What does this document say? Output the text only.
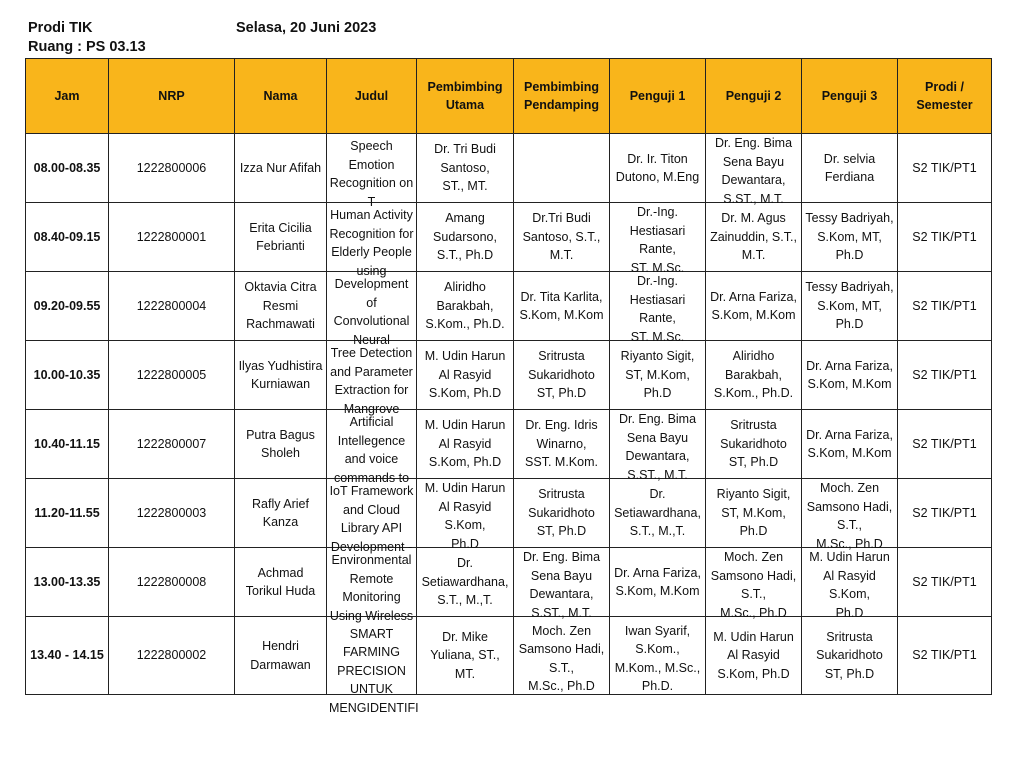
Prodi TIK
Ruang : PS 03.13
Selasa, 20 Juni 2023
Jam	NRP	Nama	Judul	Pembimbing Utama	Pembimbing Pendamping	Penguji 1	Penguji 2	Penguji 3	Prodi / Semester
08.00-08.35	1222800006	Izza Nur Afifah	Speech
Emotion
Recognition on
T	Dr. Tri Budi
Santoso,
ST., MT.		Dr. Ir. Titon
Dutono, M.Eng	Dr. Eng. Bima
Sena Bayu
Dewantara,
S.ST., M.T.	Dr. selvia
Ferdiana	S2 TIK/PT1
08.40-09.15	1222800001	Erita Cicilia
Febrianti	Human Activity
Recognition for
Elderly People
using	Amang
Sudarsono,
S.T., Ph.D	Dr.Tri Budi
Santoso, S.T.,
M.T.	Dr.-Ing.
Hestiasari
Rante,
ST. M.Sc.	Dr. M. Agus
Zainuddin, S.T.,
M.T.	Tessy Badriyah,
S.Kom, MT,
Ph.D	S2 TIK/PT1
09.20-09.55	1222800004	Oktavia Citra
Resmi
Rachmawati	Development
of
Convolutional
Neural	Aliridho
Barakbah,
S.Kom., Ph.D.	Dr. Tita Karlita,
S.Kom, M.Kom	Dr.-Ing.
Hestiasari
Rante,
ST. M.Sc.	Dr. Arna Fariza,
S.Kom, M.Kom	Tessy Badriyah,
S.Kom, MT,
Ph.D	S2 TIK/PT1
10.00-10.35	1222800005	Ilyas Yudhistira
Kurniawan	Tree Detection
and Parameter
Extraction for
Mangrove	M. Udin Harun
Al Rasyid
S.Kom, Ph.D	Sritrusta
Sukaridhoto
ST, Ph.D	Riyanto Sigit,
ST, M.Kom,
Ph.D	Aliridho
Barakbah,
S.Kom., Ph.D.	Dr. Arna Fariza,
S.Kom, M.Kom	S2 TIK/PT1
10.40-11.15	1222800007	Putra Bagus
Sholeh	Artificial
Intellegence
and voice
commands to	M. Udin Harun
Al Rasyid
S.Kom, Ph.D	Dr. Eng. Idris
Winarno,
SST. M.Kom.	Dr. Eng. Bima
Sena Bayu
Dewantara,
S.ST., M.T.	Sritrusta
Sukaridhoto
ST, Ph.D	Dr. Arna Fariza,
S.Kom, M.Kom	S2 TIK/PT1
11.20-11.55	1222800003	Rafly Arief
Kanza	IoT Framework
and Cloud
Library API
Development -	M. Udin Harun
Al Rasyid
S.Kom,
Ph.D	Sritrusta
Sukaridhoto
ST, Ph.D	Dr.
Setiawardhana,
S.T., M.,T.	Riyanto Sigit,
ST, M.Kom,
Ph.D	Moch. Zen
Samsono Hadi,
S.T.,
M.Sc., Ph.D	S2 TIK/PT1
13.00-13.35	1222800008	Achmad
Torikul Huda	Environmental
Remote
Monitoring
Using Wireless	Dr.
Setiawardhana,
S.T., M.,T.	Dr. Eng. Bima
Sena Bayu
Dewantara,
S.ST., M.T.	Dr. Arna Fariza,
S.Kom, M.Kom	Moch. Zen
Samsono Hadi,
S.T.,
M.Sc., Ph.D	M. Udin Harun
Al Rasyid
S.Kom,
Ph.D	S2 TIK/PT1
13.40 - 14.15	1222800002	Hendri
Darmawan	SMART
FARMING
PRECISION
UNTUK
MENGIDENTIFI	Dr. Mike
Yuliana, ST.,
MT.	Moch. Zen
Samsono Hadi,
S.T.,
M.Sc., Ph.D	Iwan Syarif,
S.Kom.,
M.Kom., M.Sc.,
Ph.D.	M. Udin Harun
Al Rasyid
S.Kom, Ph.D	Sritrusta
Sukaridhoto
ST, Ph.D	S2 TIK/PT1
